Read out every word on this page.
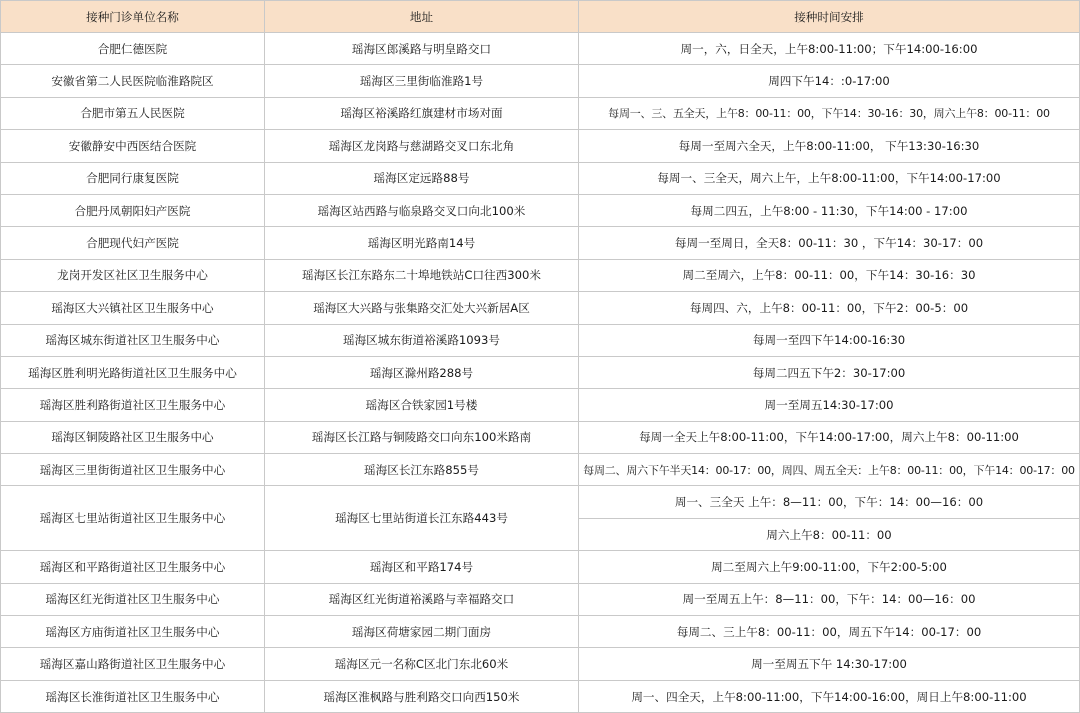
接种门诊单位名称	地址	接种时间安排
合肥仁德医院	瑶海区郎溪路与明皇路交口	周一，六，日全天，上午8:00-11:00；下午14:00-16:00
安徽省第二人民医院临淮路院区	瑶海区三里街临淮路1号	周四下午14：:0-17:00
合肥市第五人民医院	瑶海区裕溪路红旗建材市场对面	每周一、三、五全天，上午8：00-11：00，下午14：30-16：30，周六上午8：00-11：00
安徽静安中西医结合医院	瑶海区龙岗路与慈湖路交叉口东北角	每周一至周六全天，上午8:00-11:00， 下午13:30-16:30
合肥同行康复医院	瑶海区定远路88号	每周一、三全天，周六上午，上午8:00-11:00，下午14:00-17:00
合肥丹凤朝阳妇产医院	瑶海区站西路与临泉路交叉口向北100米	每周二四五，上午8:00 - 11:30，下午14:00 - 17:00
合肥现代妇产医院	瑶海区明光路南14号	每周一至周日，全天8：00-11：30 ，下午14：30-17：00
龙岗开发区社区卫生服务中心	瑶海区长江东路东二十埠地铁站C口往西300米	周二至周六，上午8：00-11：00，下午14：30-16：30
瑶海区大兴镇社区卫生服务中心	瑶海区大兴路与张集路交汇处大兴新居A区	每周四、六，上午8：00-11：00，下午2：00-5：00
瑶海区城东街道社区卫生服务中心	瑶海区城东街道裕溪路1093号	每周一至四下午14:00-16:30
瑶海区胜利明光路街道社区卫生服务中心	瑶海区滁州路288号	每周二四五下午2：30-17:00
瑶海区胜利路街道社区卫生服务中心	瑶海区合铁家园1号楼	周一至周五14:30-17:00
瑶海区铜陵路社区卫生服务中心	瑶海区长江路与铜陵路交口向东100米路南	每周一全天上午8:00-11:00，下午14:00-17:00，周六上午8：00-11:00
瑶海区三里街街道社区卫生服务中心	瑶海区长江东路855号	每周二、周六下午半天14：00-17：00，周四、周五全天：上午8：00-11：00，下午14：00-17：00
瑶海区七里站街道社区卫生服务中心	瑶海区七里站街道长江东路443号	周一、三全天 上午：8—11：00，下午：14：00—16：00
		周六上午8：00-11：00
瑶海区和平路街道社区卫生服务中心	瑶海区和平路174号	周二至周六上午9:00-11:00，下午2:00-5:00
瑶海区红光街道社区卫生服务中心	瑶海区红光街道裕溪路与幸福路交口	周一至周五上午：8—11：00，下午：14：00—16：00
瑶海区方庙街道社区卫生服务中心	瑶海区荷塘家园二期门面房	每周二、三上午8：00-11：00，周五下午14：00-17：00
瑶海区嘉山路街道社区卫生服务中心	瑶海区元一名称C区北门东北60米	周一至周五下午 14:30-17:00
瑶海区长淮街道社区卫生服务中心	瑶海区淮枫路与胜利路交口向西150米	周一、四全天，上午8:00-11:00，下午14:00-16:00，周日上午8:00-11:00
